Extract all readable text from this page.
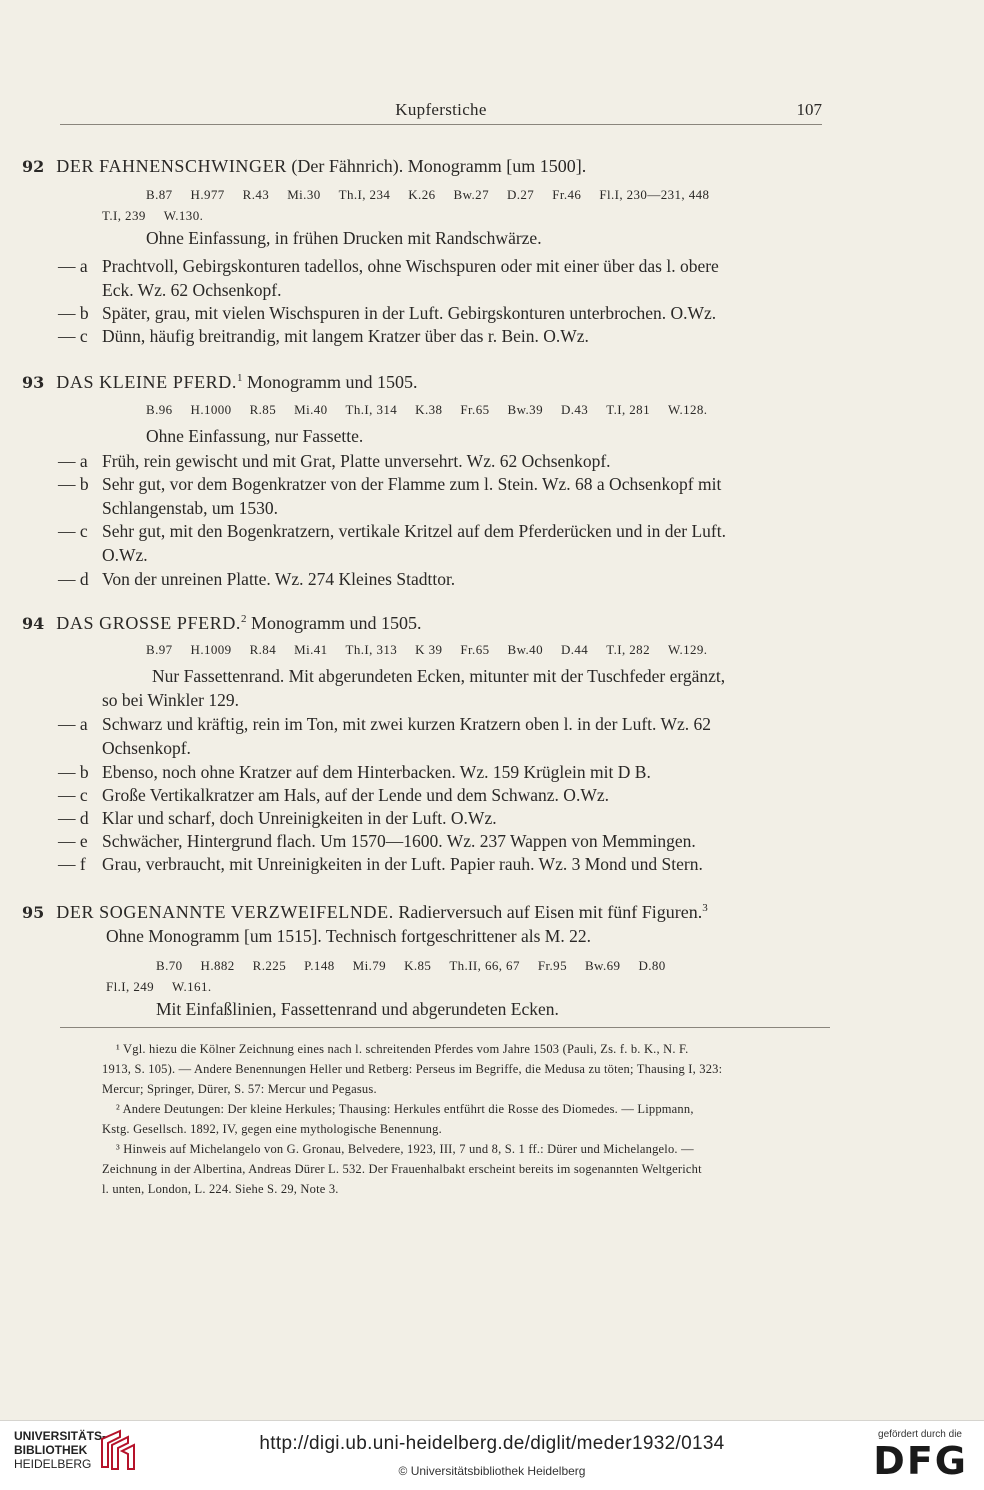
Kupferstiche	107
92 DER FAHNENSCHWINGER (Der Fähnrich). Monogramm [um 1500].
B.87 H.977 R.43 Mi.30 Th.I, 234 K.26 Bw.27 D.27 Fr.46 Fl.I, 230—231, 448
T.I, 239 W.130.
Ohne Einfassung, in frühen Drucken mit Randschwärze.
— a Prachtvoll, Gebirgskonturen tadellos, ohne Wischspuren oder mit einer über das l. obere
Eck. Wz. 62 Ochsenkopf.
— b Später, grau, mit vielen Wischspuren in der Luft. Gebirgskonturen unterbrochen. O.Wz.
— c Dünn, häufig breitrandig, mit langem Kratzer über das r. Bein. O.Wz.
93 DAS KLEINE PFERD.$^1$ Monogramm und 1505.
B.96 H.1000 R.85 Mi.40 Th.I, 314 K.38 Fr.65 Bw.39 D.43 T.I, 281 W.128.
Ohne Einfassung, nur Fassette.
— a Früh, rein gewischt und mit Grat, Platte unversehrt. Wz. 62 Ochsenkopf.
— b Sehr gut, vor dem Bogenkratzer von der Flamme zum l. Stein. Wz. 68 a Ochsenkopf mit
Schlangenstab, um 1530.
— c Sehr gut, mit den Bogenkratzern, vertikale Kritzel auf dem Pferderücken und in der Luft.
O.Wz.
— d Von der unreinen Platte. Wz. 274 Kleines Stadttor.
94 DAS GROSSE PFERD.$^2$ Monogramm und 1505.
B.97 H.1009 R.84 Mi.41 Th.I, 313 K 39 Fr.65 Bw.40 D.44 T.I, 282 W.129.
Nur Fassettenrand. Mit abgerundeten Ecken, mitunter mit der Tuschfeder ergänzt,
so bei Winkler 129.
— a Schwarz und kräftig, rein im Ton, mit zwei kurzen Kratzern oben l. in der Luft. Wz. 62
Ochsenkopf.
— b Ebenso, noch ohne Kratzer auf dem Hinterbacken. Wz. 159 Krüglein mit D B.
— c Große Vertikalkratzer am Hals, auf der Lende und dem Schwanz. O.Wz.
— d Klar und scharf, doch Unreinigkeiten in der Luft. O.Wz.
— e Schwächer, Hintergrund flach. Um 1570—1600. Wz. 237 Wappen von Memmingen.
— f Grau, verbraucht, mit Unreinigkeiten in der Luft. Papier rauh. Wz. 3 Mond und Stern.
95 DER SOGENANNTE VERZWEIFELNDE. Radierversuch auf Eisen mit fünf Figuren.$^3$
Ohne Monogramm [um 1515]. Technisch fortgeschrittener als M. 22.
B.70 H.882 R.225 P.148 Mi.79 K.85 Th.II, 66, 67 Fr.95 Bw.69 D.80
Fl.I, 249 W.161.
Mit Einfaßlinien, Fassettenrand und abgerundeten Ecken.
¹ Vgl. hiezu die Kölner Zeichnung eines nach l. schreitenden Pferdes vom Jahre 1503 (Pauli, Zs. f. b. K., N. F.
1913, S. 105). — Andere Benennungen Heller und Retberg: Perseus im Begriffe, die Medusa zu töten; Thausing I, 323:
Mercur; Springer, Dürer, S. 57: Mercur und Pegasus.
² Andere Deutungen: Der kleine Herkules; Thausing: Herkules entführt die Rosse des Diomedes. — Lippmann,
Kstg. Gesellsch. 1892, IV, gegen eine mythologische Benennung.
³ Hinweis auf Michelangelo von G. Gronau, Belvedere, 1923, III, 7 und 8, S. 1 ff.: Dürer und Michelangelo. —
Zeichnung in der Albertina, Andreas Dürer L. 532. Der Frauenhalbakt erscheint bereits im sogenannten Weltgericht
l. unten, London, L. 224. Siehe S. 29, Note 3.
UNIVERSITÄTS-
BIBLIOTHEK
HEIDELBERG
http://digi.ub.uni-heidelberg.de/diglit/meder1932/0134
© Universitätsbibliothek Heidelberg
gefördert durch die
DFG
